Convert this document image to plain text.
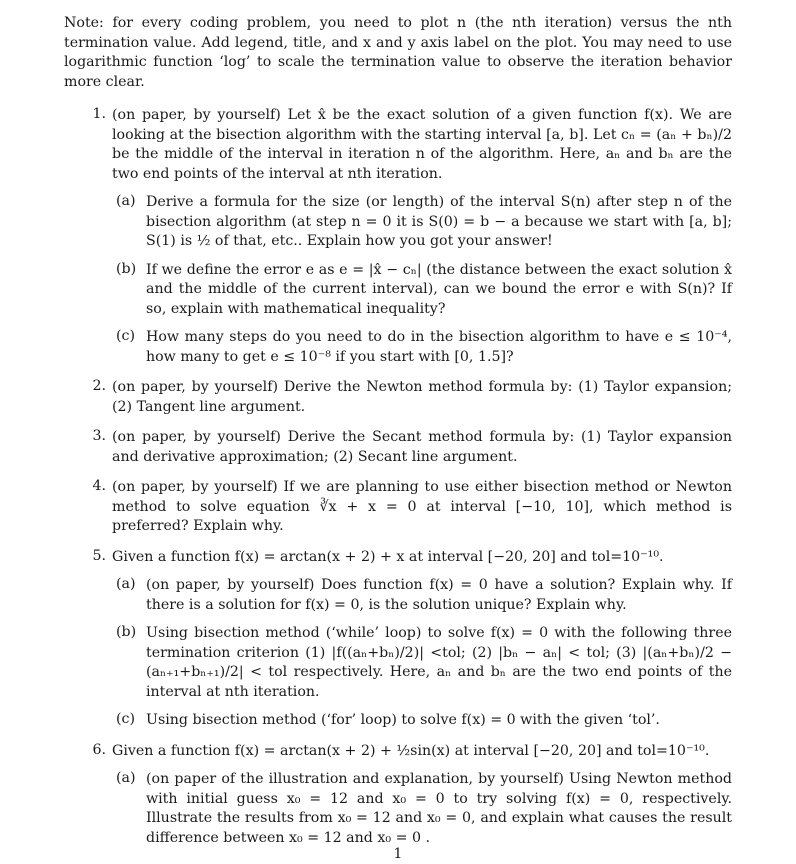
Note: for every coding problem, you need to plot n (the nth iteration) versus the nth termination value. Add legend, title, and x and y axis label on the plot. You may need to use logarithmic function ‘log’ to scale the termination value to observe the iteration behavior more clear.

1. (on paper, by yourself) Let x̂ be the exact solution of a given function f(x). We are looking at the bisection algorithm with the starting interval [a, b]. Let cₙ = (aₙ + bₙ)/2 be the middle of the interval in iteration n of the algorithm. Here, aₙ and bₙ are the two end points of the interval at nth iteration.

(a) Derive a formula for the size (or length) of the interval S(n) after step n of the bisection algorithm (at step n = 0 it is S(0) = b − a because we start with [a, b]; S(1) is ½ of that, etc.. Explain how you got your answer!

(b) If we define the error e as e = |x̂ − cₙ| (the distance between the exact solution x̂ and the middle of the current interval), can we bound the error e with S(n)? If so, explain with mathematical inequality?

(c) How many steps do you need to do in the bisection algorithm to have e ≤ 10⁻⁴, how many to get e ≤ 10⁻⁸ if you start with [0, 1.5]?

2. (on paper, by yourself) Derive the Newton method formula by: (1) Taylor expansion; (2) Tangent line argument.

3. (on paper, by yourself) Derive the Secant method formula by: (1) Taylor expansion and derivative approximation; (2) Secant line argument.

4. (on paper, by yourself) If we are planning to use either bisection method or Newton method to solve equation ∛x + x = 0 at interval [−10, 10], which method is preferred? Explain why.

5. Given a function f(x) = arctan(x + 2) + x at interval [−20, 20] and tol=10⁻¹⁰.

(a) (on paper, by yourself) Does function f(x) = 0 have a solution? Explain why. If there is a solution for f(x) = 0, is the solution unique? Explain why.

(b) Using bisection method (‘while’ loop) to solve f(x) = 0 with the following three termination criterion (1) |f((aₙ+bₙ)/2)| <tol; (2) |bₙ − aₙ| < tol; (3) |(aₙ+bₙ)/2 − (aₙ₊₁+bₙ₊₁)/2| < tol respectively. Here, aₙ and bₙ are the two end points of the interval at nth iteration.

(c) Using bisection method (‘for’ loop) to solve f(x) = 0 with the given ‘tol’.

6. Given a function f(x) = arctan(x + 2) + ½sin(x) at interval [−20, 20] and tol=10⁻¹⁰.

(a) (on paper of the illustration and explanation, by yourself) Using Newton method with initial guess x₀ = 12 and x₀ = 0 to try solving f(x) = 0, respectively. Illustrate the results from x₀ = 12 and x₀ = 0, and explain what causes the result difference between x₀ = 12 and x₀ = 0 .

1
